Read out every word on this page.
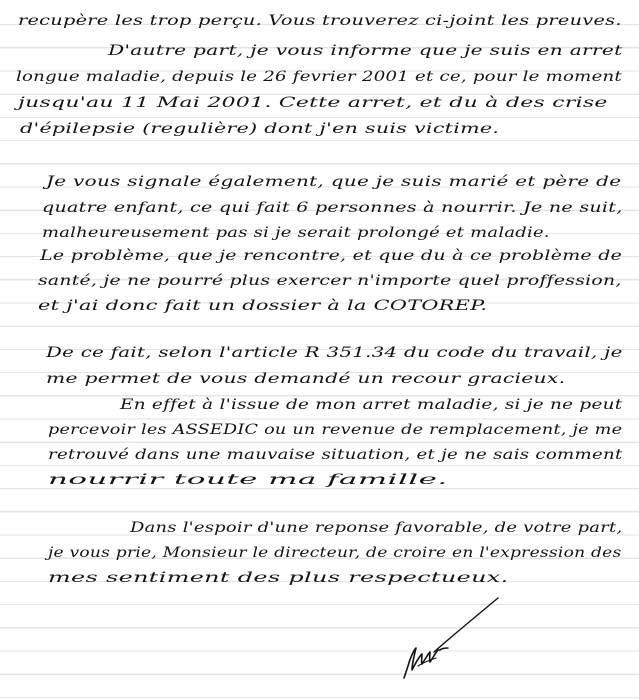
recupère les trop perçu. Vous trouverez ci-joint les preuves.
D'autre part, je vous informe que je suis en arret
longue maladie, depuis le 26 fevrier 2001 et ce, pour le moment
jusqu'au 11 Mai 2001. Cette arret, et du à des crise
d'épilepsie (regulière) dont j'en suis victime.
Je vous signale également, que je suis marié et père de
quatre enfant, ce qui fait 6 personnes à nourrir. Je ne suit,
malheureusement pas si je serait prolongé et maladie.
Le problème, que je rencontre, et que du à ce problème de
santé, je ne pourré plus exercer n'importe quel proffession,
et j'ai donc fait un dossier à la COTOREP.
De ce fait, selon l'article R 351.34 du code du travail, je
me permet de vous demandé un recour gracieux.
En effet à l'issue de mon arret maladie, si je ne peut
percevoir les ASSEDIC ou un revenue de remplacement, je me
retrouvé dans une mauvaise situation, et je ne sais comment
nourrir toute ma famille.
Dans l'espoir d'une reponse favorable, de votre part,
je vous prie, Monsieur le directeur, de croire en l'expression des
mes sentiment des plus respectueux.
